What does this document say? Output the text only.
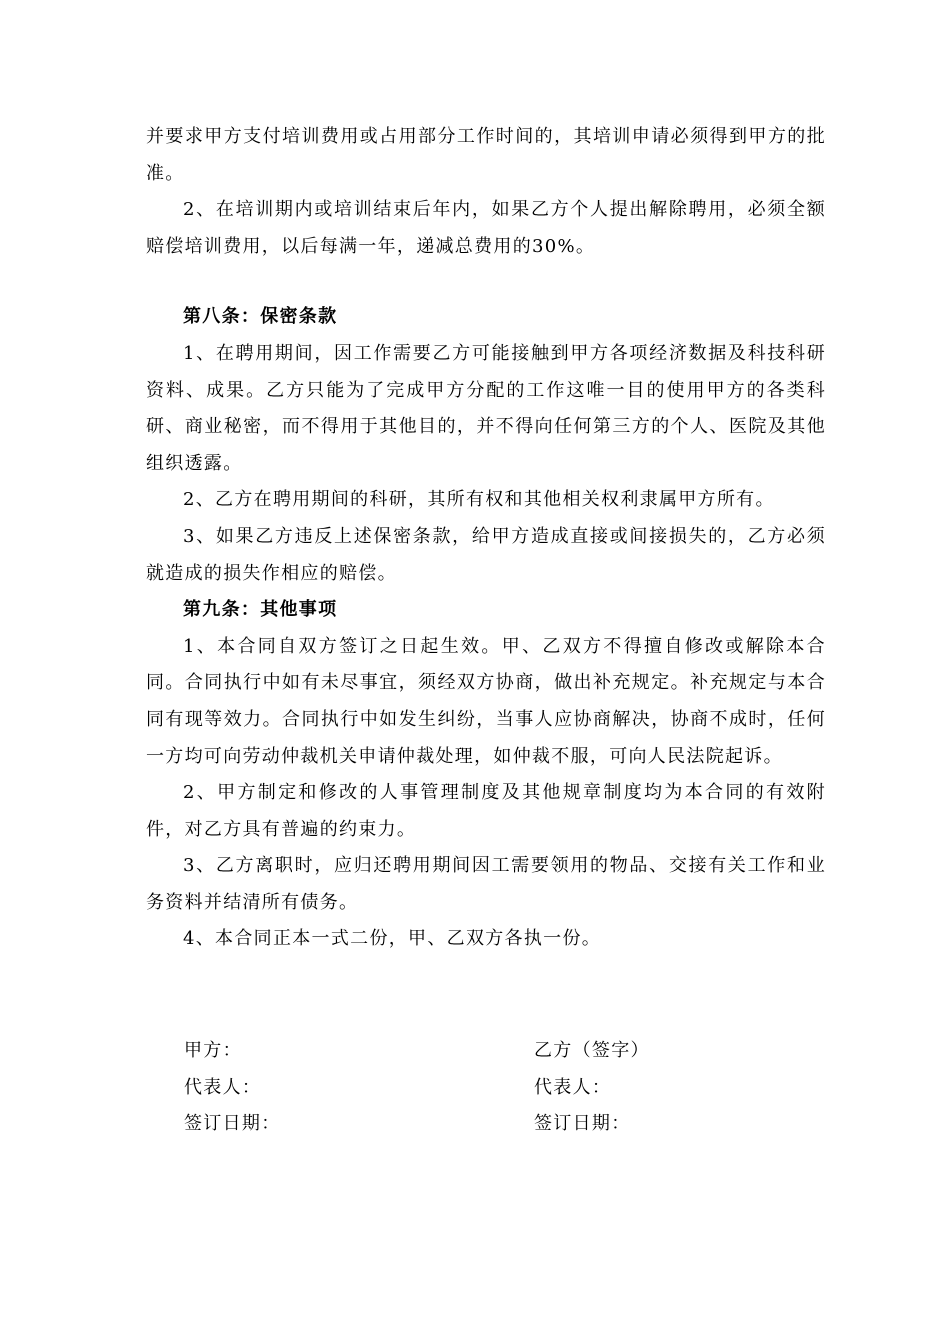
并要求甲方支付培训费用或占用部分工作时间的，其培训申请必须得到甲方的批准。

2、在培训期内或培训结束后年内，如果乙方个人提出解除聘用，必须全额赔偿培训费用，以后每满一年，递减总费用的30%。

第八条：保密条款

1、在聘用期间，因工作需要乙方可能接触到甲方各项经济数据及科技科研资料、成果。乙方只能为了完成甲方分配的工作这唯一目的使用甲方的各类科研、商业秘密，而不得用于其他目的，并不得向任何第三方的个人、医院及其他组织透露。

2、乙方在聘用期间的科研，其所有权和其他相关权利隶属甲方所有。

3、如果乙方违反上述保密条款，给甲方造成直接或间接损失的，乙方必须就造成的损失作相应的赔偿。

第九条：其他事项

1、本合同自双方签订之日起生效。甲、乙双方不得擅自修改或解除本合同。合同执行中如有未尽事宜，须经双方协商，做出补充规定。补充规定与本合同有现等效力。合同执行中如发生纠纷，当事人应协商解决，协商不成时，任何一方均可向劳动仲裁机关申请仲裁处理，如仲裁不服，可向人民法院起诉。

2、甲方制定和修改的人事管理制度及其他规章制度均为本合同的有效附件，对乙方具有普遍的约束力。

3、乙方离职时，应归还聘用期间因工需要领用的物品、交接有关工作和业务资料并结清所有债务。

4、本合同正本一式二份，甲、乙双方各执一份。

甲方：	乙方（签字）
代表人：	代表人：
签订日期：	签订日期：
